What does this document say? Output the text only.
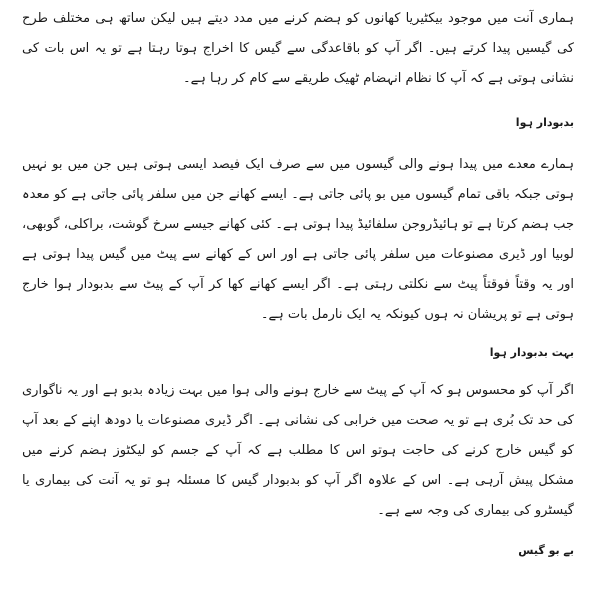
ہماری آنت میں موجود بیکٹیریا کھانوں کو ہضم کرنے میں مدد دیتے ہیں لیکن ساتھ ہی مختلف طرح کی گیسیں پیدا کرتے ہیں۔ اگر آپ کو باقاعدگی سے گیس کا اخراج ہوتا رہتا ہے تو یہ اس بات کی نشانی ہوتی ہے کہ آپ کا نظام انہضام ٹھیک طریقے سے کام کر رہا ہے۔

بدبودار ہوا

ہمارے معدے میں پیدا ہونے والی گیسوں میں سے صرف ایک فیصد ایسی ہوتی ہیں جن میں بو نہیں ہوتی جبکہ باقی تمام گیسوں میں بو پائی جاتی ہے۔ ایسے کھانے جن میں سلفر پائی جاتی ہے کو معدہ جب ہضم کرتا ہے تو ہائیڈروجن سلفائیڈ پیدا ہوتی ہے۔ کئی کھانے جیسے سرخ گوشت، براکلی، گوبھی، لوبیا اور ڈیری مصنوعات میں سلفر پائی جاتی ہے اور اس کے کھانے سے پیٹ میں گیس پیدا ہوتی ہے اور یہ وقتاً فوقتاً پیٹ سے نکلتی رہتی ہے۔ اگر ایسے کھانے کھا کر آپ کے پیٹ سے بدبودار ہوا خارج ہوتی ہے تو پریشان نہ ہوں کیونکہ یہ ایک نارمل بات ہے۔

بہت بدبودار ہوا

اگر آپ کو محسوس ہو کہ آپ کے پیٹ سے خارج ہونے والی ہوا میں بہت زیادہ بدبو ہے اور یہ ناگواری کی حد تک بُری ہے تو یہ صحت میں خرابی کی نشانی ہے۔ اگر ڈیری مصنوعات یا دودھ اپنے کے بعد آپ کو گیس خارج کرنے کی حاجت ہوتو اس کا مطلب ہے کہ آپ کے جسم کو لیکٹوز ہضم کرنے میں مشکل پیش آرہی ہے۔ اس کے علاوہ اگر آپ کو بدبودار گیس کا مسئلہ ہو تو یہ آنت کی بیماری یا گیسٹرو کی بیماری کی وجہ سے ہے۔

بے بو گیس
